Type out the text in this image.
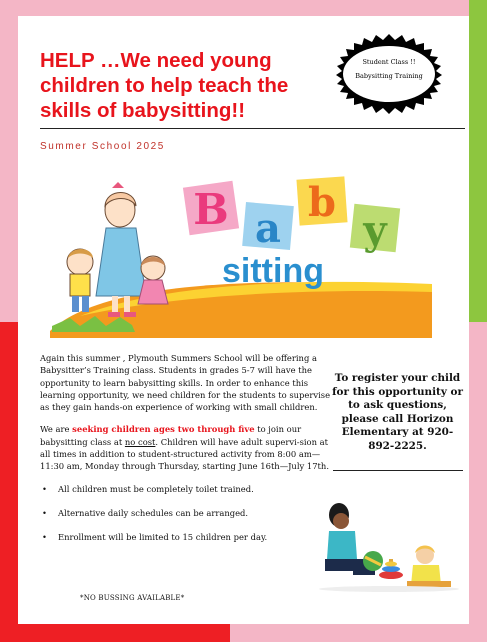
HELP …We need young children to help teach the skills of babysitting!!
Student Class !!
Babysitting Training
Summer School 2025
B a
b
y
sitting

Again this summer , Plymouth Summers School will be offering a Babysitter’s Training class. Students in grades 5-7 will have the opportunity to learn babysitting skills. In order to enhance this learning opportunity, we need children for the students to supervise as they gain hands-on experience of working with small children.

We are seeking children ages two through five to join our babysitting class at no cost. Children will have adult supervi-sion at all times in addition to student-structured activity from 8:00 am—11:30 am, Monday through Thursday, starting June 16th—July 17th.

• All children must be completely toilet trained.
• Alternative daily schedules can be arranged.
• Enrollment will be limited to 15 children per day.
*NO BUSSING AVAILABLE*
To register your child for this opportunity or to ask questions, please call Horizon Elementary at 920-892-2225.
